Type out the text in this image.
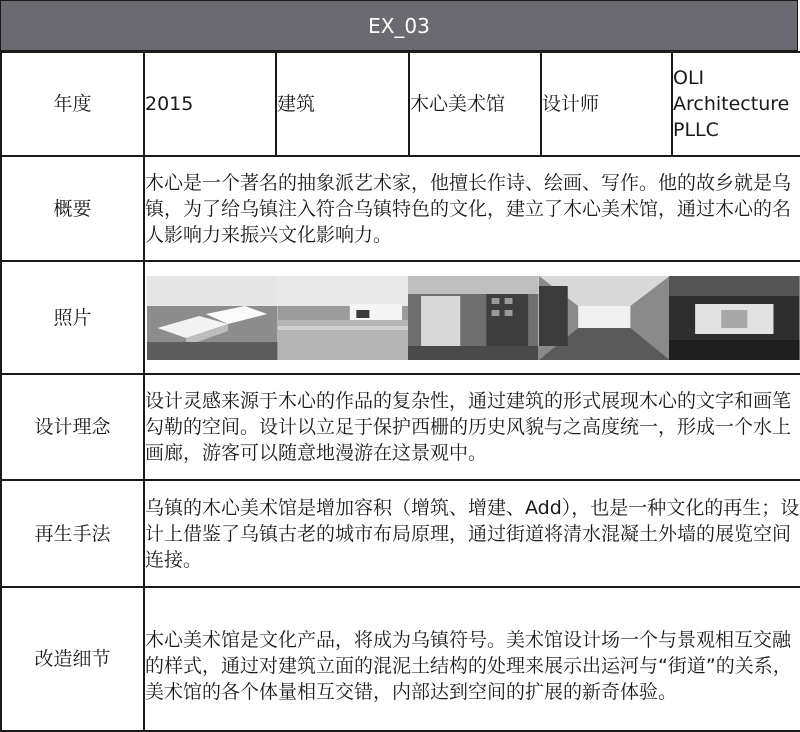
EX_03
年度	2015	建筑	木心美术馆	设计师	OLI
Architecture
PLLC

概要	木心是一个著名的抽象派艺术家，他擅长作诗、绘画、写作。他的故乡就是乌镇，为了给乌镇注入符合乌镇特色的文化，建立了木心美术馆，通过木心的名人影响力来振兴文化影响力。				
照片	

设计理念	设计灵感来源于木心的作品的复杂性，通过建筑的形式展现木心的文字和画笔勾勒的空间。设计以立足于保护西栅的历史风貌与之高度统一，形成一个水上画廊，游客可以随意地漫游在这景观中。				
再生手法	乌镇的木心美术馆是增加容积（增筑、增建、Add），也是一种文化的再生；设计上借鉴了乌镇古老的城市布局原理，通过街道将清水混凝土外墙的展览空间连接。				
改造细节	木心美术馆是文化产品，将成为乌镇符号。美术馆设计场一个与景观相互交融的样式，通过对建筑立面的混泥土结构的处理来展示出运河与“街道”的关系，美术馆的各个体量相互交错，内部达到空间的扩展的新奇体验。				
